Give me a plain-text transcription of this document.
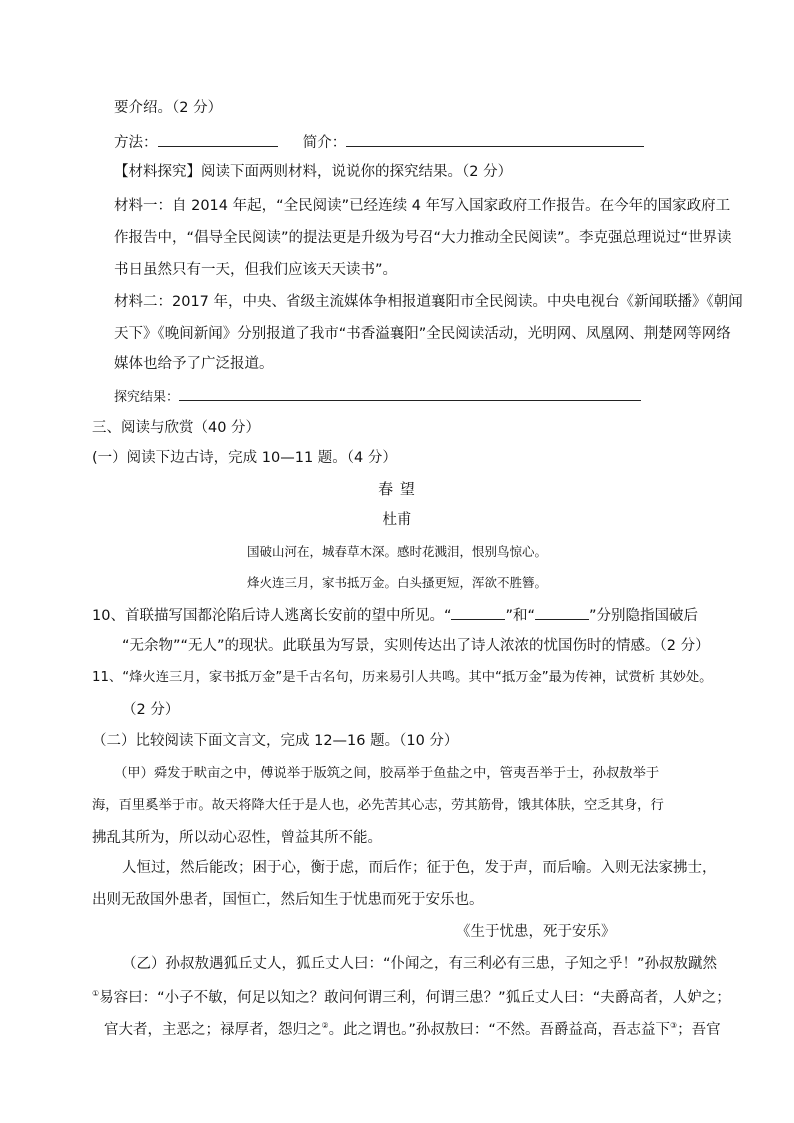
要介绍。（2 分）
方法：	简介：
【材料探究】阅读下面两则材料，说说你的探究结果。（2 分）
材料一：自 2014 年起，“全民阅读”已经连续 4 年写入国家政府工作报告。在今年的国家政府工
作报告中，“倡导全民阅读”的提法更是升级为号召“大力推动全民阅读”。李克强总理说过“世界读
书日虽然只有一天，但我们应该天天读书”。
材料二：2017 年，中央、省级主流媒体争相报道襄阳市全民阅读。中央电视台《新闻联播》《朝闻
天下》《晚间新闻》分别报道了我市“书香溢襄阳”全民阅读活动，光明网、凤凰网、荆楚网等网络
媒体也给予了广泛报道。
探究结果：
三、阅读与欣赏（40 分）
(一）阅读下边古诗，完成 10—11 题。（4 分）
春 望
杜甫
国破山河在，城春草木深。感时花溅泪，恨别鸟惊心。
烽火连三月，家书抵万金。白头搔更短，浑欲不胜簪。
10、首联描写国都沦陷后诗人逃离长安前的望中所见。“	”和“	”分别隐指国破后
“无余物”“无人”的现状。此联虽为写景，实则传达出了诗人浓浓的忧国伤时的情感。（2 分）
11、“烽火连三月，家书抵万金”是千古名句，历来易引人共鸣。其中“抵万金”最为传神，试赏析 其妙处。
（2 分）
（二）比较阅读下面文言文，完成 12—16 题。（10 分）
（甲）舜发于畎亩之中，傅说举于版筑之间，胶鬲举于鱼盐之中，管夷吾举于士，孙叔敖举于
海，百里奚举于市。故天将降大任于是人也，必先苦其心志，劳其筋骨，饿其体肤，空乏其身，行
拂乱其所为，所以动心忍性，曾益其所不能。
人恒过，然后能改；困于心，衡于虑，而后作；征于色，发于声，而后喻。入则无法家拂士，
出则无敌国外患者，国恒亡，然后知生于忧患而死于安乐也。
《生于忧患，死于安乐》
（乙）孙叔敖遇狐丘丈人，狐丘丈人曰：“仆闻之，有三利必有三患，子知之乎！”孙叔敖蹴然
①易容曰：“小子不敏，何足以知之？敢问何谓三利，何谓三患？”狐丘丈人曰：“夫爵高者，人妒之；
官大者，主恶之；禄厚者，怨归之②。此之谓也。”孙叔敖曰：“不然。吾爵益高，吾志益下③；吾官
